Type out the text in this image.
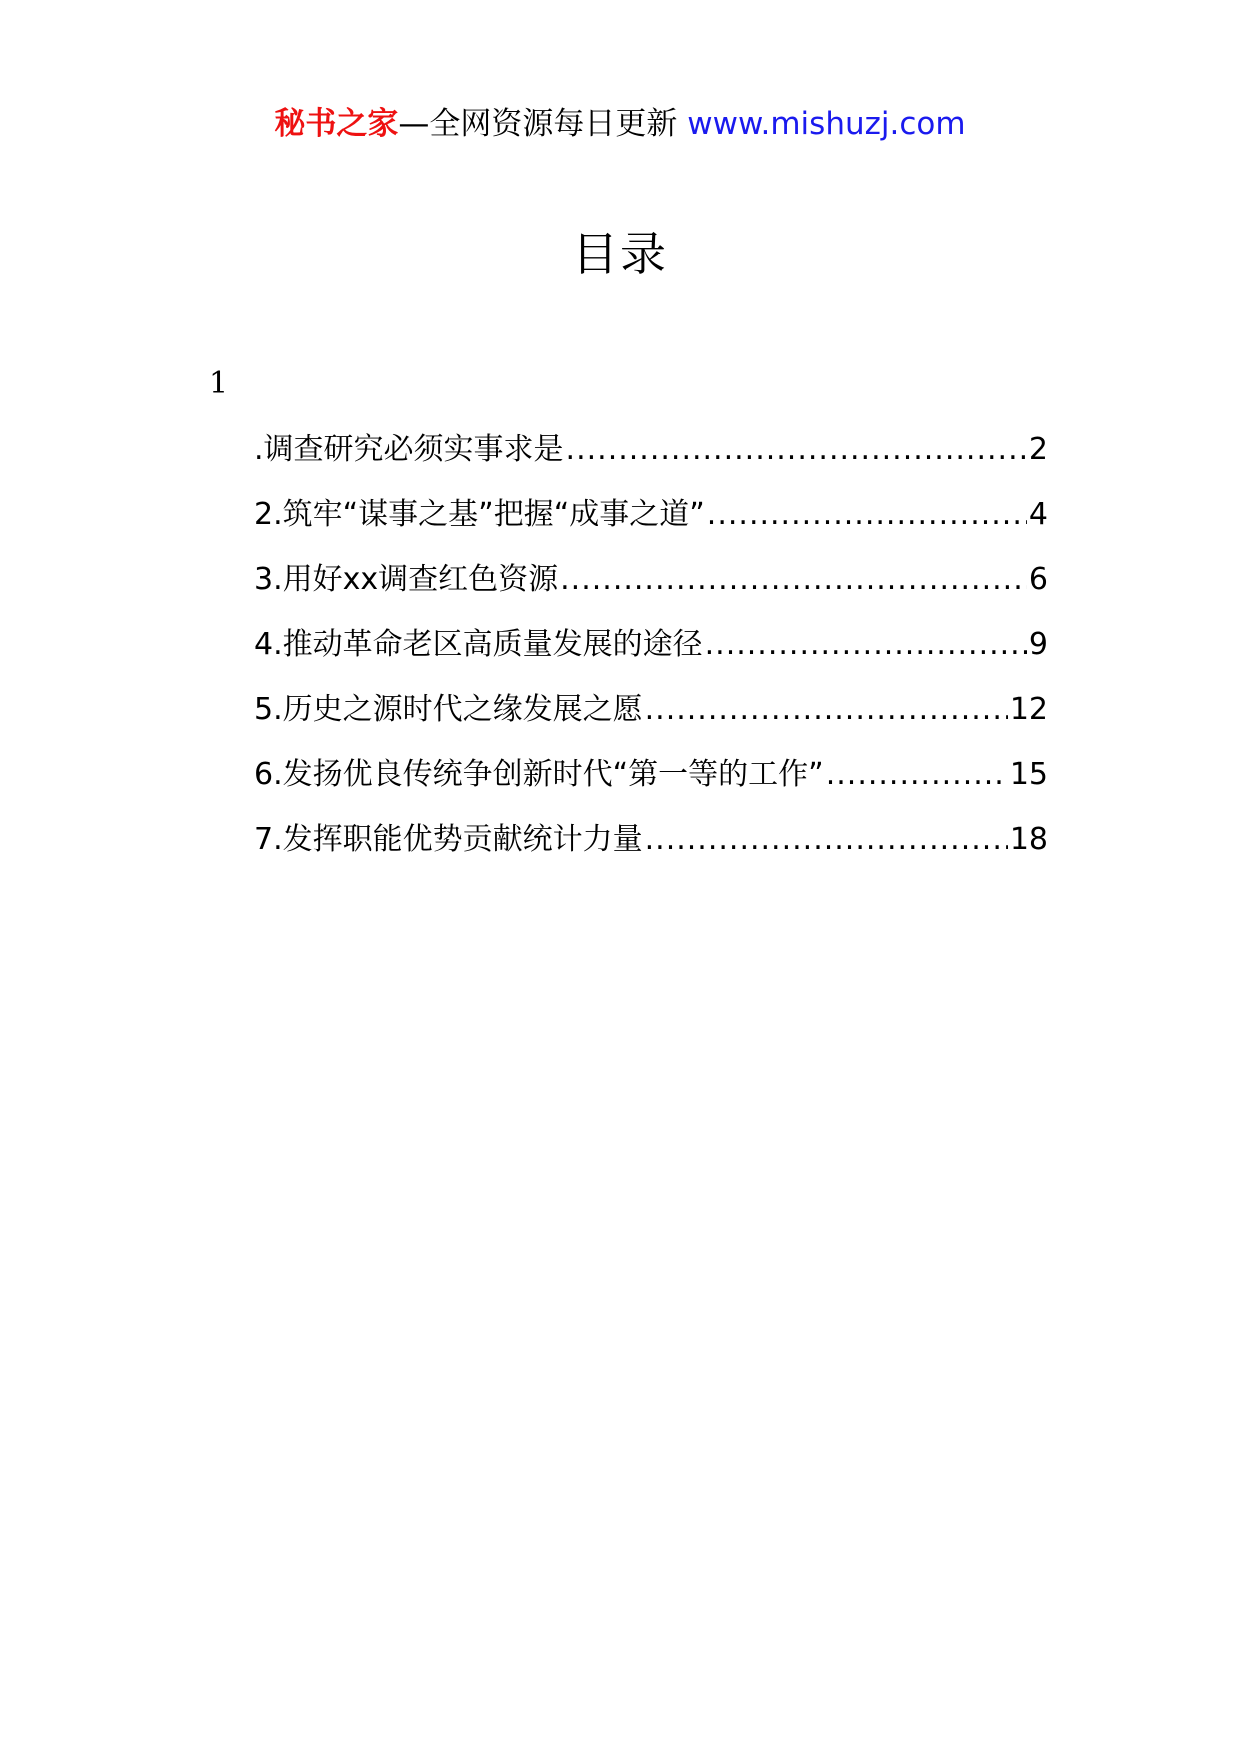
秘书之家—全网资源每日更新 www.mishuzj.com
目录
1
.调查研究必须实事求是 .....	2
2.筑牢“谋事之基”把握“成事之道” .....	4
3.用好xx调查红色资源 .....	6
4.推动革命老区高质量发展的途径 .....	9
5.历史之源时代之缘发展之愿 .....	12
6.发扬优良传统争创新时代“第一等的工作” .....	15
7.发挥职能优势贡献统计力量 .....	18
